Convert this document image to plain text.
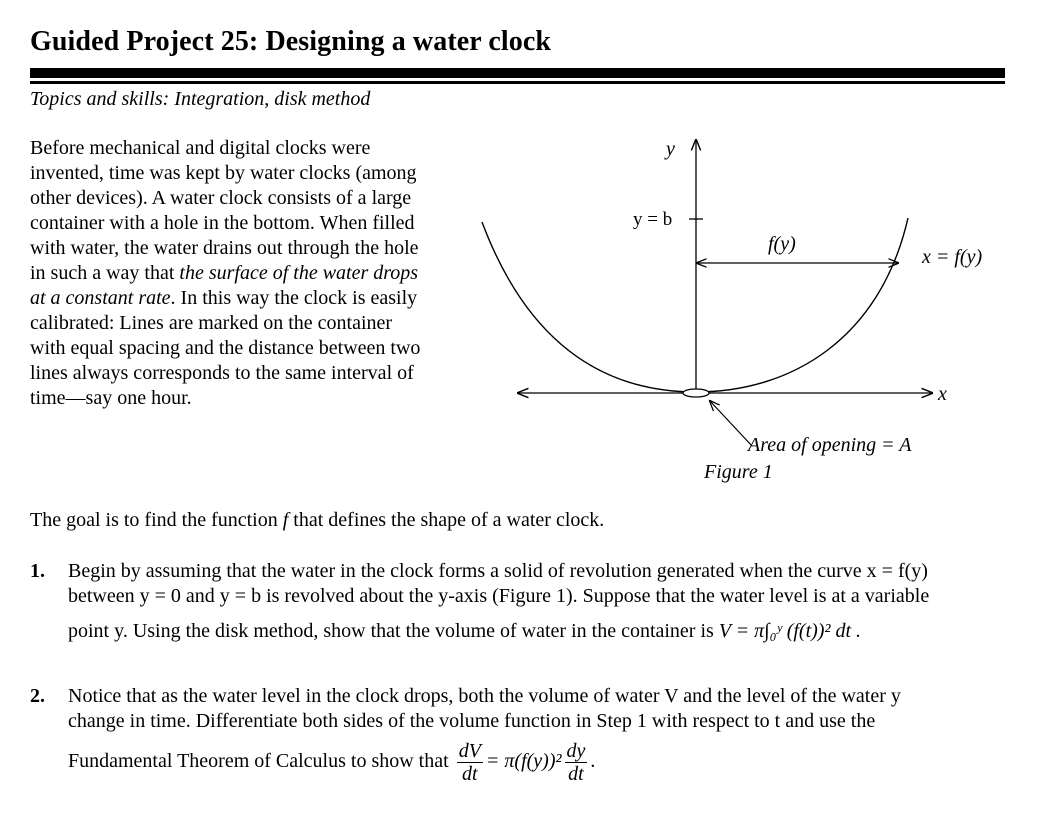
Guided Project 25: Designing a water clock
Topics and skills: Integration, disk method
Before mechanical and digital clocks were
invented, time was kept by water clocks (among
other devices). A water clock consists of a large
container with a hole in the bottom. When filled
with water, the water drains out through the hole
in such a way that the surface of the water drops
at a constant rate. In this way the clock is easily
calibrated: Lines are marked on the container
with equal spacing and the distance between two
lines always corresponds to the same interval of
time—say one hour.
y
y = b
f(y)
x = f(y)
x
Area of opening = A
Figure 1
The goal is to find the function f that defines the shape of a water clock.
1. Begin by assuming that the water in the clock forms a solid of revolution generated when the curve x = f(y)
between y = 0 and y = b is revolved about the y-axis (Figure 1). Suppose that the water level is at a variable
point y. Using the disk method, show that the volume of water in the container is V = π∫₀ʸ (f(t))² dt .
2. Notice that as the water level in the clock drops, both the volume of water V and the level of the water y
change in time. Differentiate both sides of the volume function in Step 1 with respect to t and use the
Fundamental Theorem of Calculus to show that $\frac{dV}{dt} = \pi(f(y))^2 \frac{dy}{dt}$ .
